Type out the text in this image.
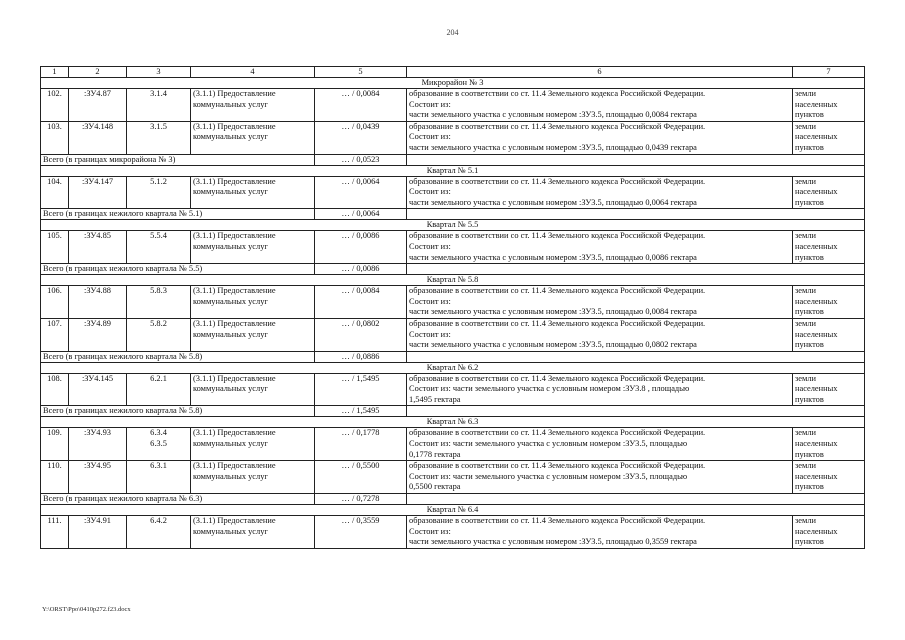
204
1	2	3	4	5	6	7
Микрорайон № 3						
102.	:ЗУ4.87	3.1.4	(3.1.1) Предоставление
коммунальных услуг	… / 0,0084	образование в соответствии со ст. 11.4 Земельного кодекса Российской Федерации.
Состоит из:
части земельного участка с условным номером :ЗУ3.5, площадью 0,0084 гектара	земли
населенных
пунктов

103.	:ЗУ4.148	3.1.5	(3.1.1) Предоставление
коммунальных услуг	… / 0,0439	образование в соответствии со ст. 11.4 Земельного кодекса Российской Федерации.
Состоит из:
части земельного участка с условным номером :ЗУ3.5, площадью 0,0439 гектара	земли
населенных
пунктов

Всего (в границах микрорайона № 3)				… / 0,0523		
Квартал № 5.1						
104.	:ЗУ4.147	5.1.2	(3.1.1) Предоставление
коммунальных услуг	… / 0,0064	образование в соответствии со ст. 11.4 Земельного кодекса Российской Федерации.
Состоит из:
части земельного участка с условным номером :ЗУ3.5, площадью 0,0064 гектара	земли
населенных
пунктов

Всего (в границах нежилого квартала № 5.1)				… / 0,0064		
Квартал № 5.5						
105.	:ЗУ4.85	5.5.4	(3.1.1) Предоставление
коммунальных услуг	… / 0,0086	образование в соответствии со ст. 11.4 Земельного кодекса Российской Федерации.
Состоит из:
части земельного участка с условным номером :ЗУ3.5, площадью 0,0086 гектара	земли
населенных
пунктов

Всего (в границах нежилого квартала № 5.5)				… / 0,0086		
Квартал № 5.8						
106.	:ЗУ4.88	5.8.3	(3.1.1) Предоставление
коммунальных услуг	… / 0,0084	образование в соответствии со ст. 11.4 Земельного кодекса Российской Федерации.
Состоит из:
части земельного участка с условным номером :ЗУ3.5, площадью 0,0084 гектара	земли
населенных
пунктов

107.	:ЗУ4.89	5.8.2	(3.1.1) Предоставление
коммунальных услуг	… / 0,0802	образование в соответствии со ст. 11.4 Земельного кодекса Российской Федерации.
Состоит из:
части земельного участка с условным номером :ЗУ3.5, площадью 0,0802 гектара	земли
населенных
пунктов

Всего (в границах нежилого квартала № 5.8)				… / 0,0886		
Квартал № 6.2						
108.	:ЗУ4.145	6.2.1	(3.1.1) Предоставление
коммунальных услуг	… / 1,5495	образование в соответствии со ст. 11.4 Земельного кодекса Российской Федерации.
Состоит из: части земельного участка с условным номером :ЗУ3.8 , площадью
1,5495 гектара	земли
населенных
пунктов

Всего (в границах нежилого квартала № 5.8)				… / 1,5495		
Квартал № 6.3						
109.	:ЗУ4.93	6.3.4
6.3.5	(3.1.1) Предоставление
коммунальных услуг	… / 0,1778	образование в соответствии со ст. 11.4 Земельного кодекса Российской Федерации.
Состоит из: части земельного участка с условным номером :ЗУ3.5, площадью
0,1778 гектара	земли
населенных
пунктов

110.	:ЗУ4.95	6.3.1	(3.1.1) Предоставление
коммунальных услуг	… / 0,5500	образование в соответствии со ст. 11.4 Земельного кодекса Российской Федерации.
Состоит из: части земельного участка с условным номером :ЗУ3.5, площадью
0,5500 гектара	земли
населенных
пунктов

Всего (в границах нежилого квартала № 6.3)				… / 0,7278		
Квартал № 6.4						
111.	:ЗУ4.91	6.4.2	(3.1.1) Предоставление
коммунальных услуг	… / 0,3559	образование в соответствии со ст. 11.4 Земельного кодекса Российской Федерации.
Состоит из:
части земельного участка с условным номером :ЗУ3.5, площадью 0,3559 гектара	земли
населенных
пунктов
Y:\ORST\Ppo\0410p272.f23.docx
